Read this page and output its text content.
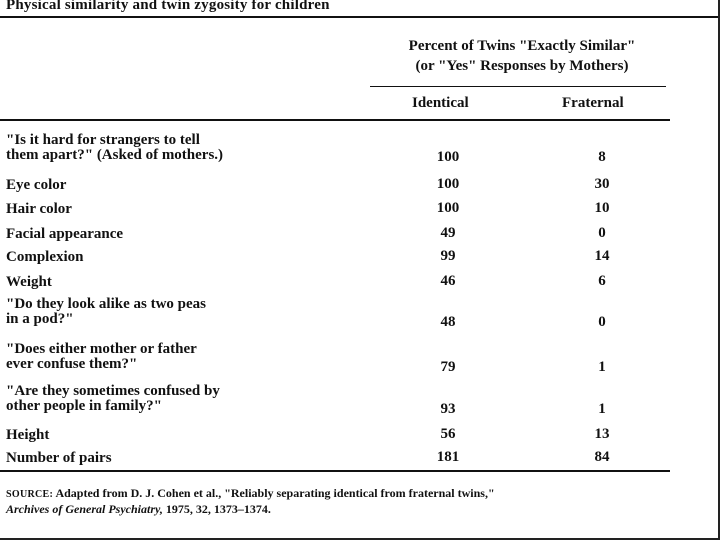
Physical similarity and twin zygosity for children
Percent of Twins "Exactly Similar"
(or "Yes" Responses by Mothers)
Identical	Fraternal
"Is it hard for strangers to tell
them apart?" (Asked of mothers.)	100	8
Eye color	100	30
Hair color	100	10
Facial appearance	49	0
Complexion	99	14
Weight	46	6
"Do they look alike as two peas
in a pod?"	48	0
"Does either mother or father
ever confuse them?"	79	1
"Are they sometimes confused by
other people in family?"	93	1
Height	56	13
Number of pairs	181	84
SOURCE: Adapted from D. J. Cohen et al., "Reliably separating identical from fraternal twins,"
Archives of General Psychiatry, 1975, 32, 1373–1374.
